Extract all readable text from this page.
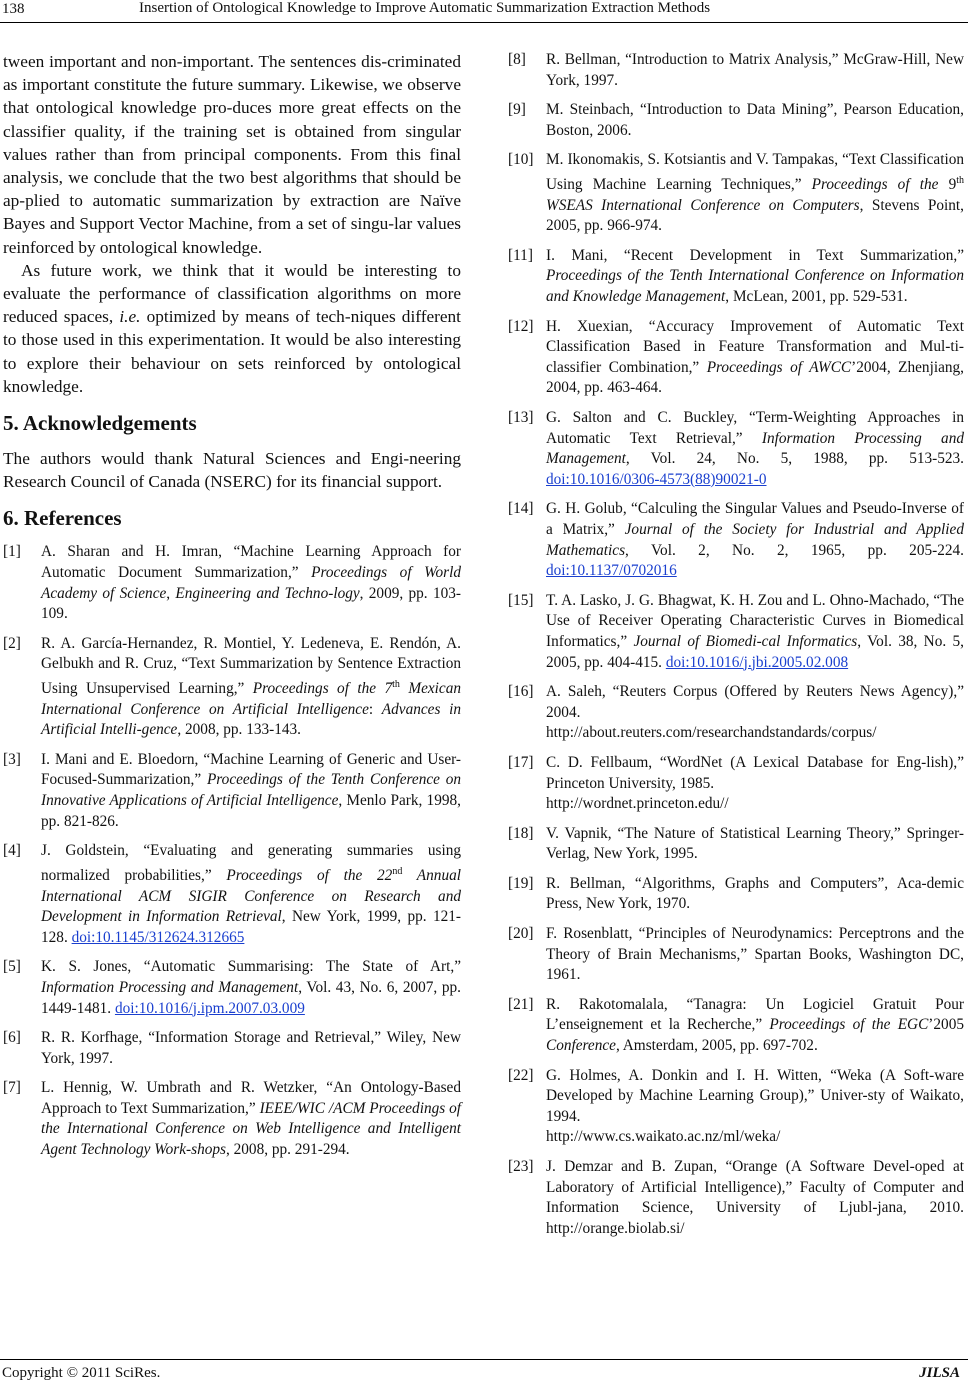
138	Insertion of Ontological Knowledge to Improve Automatic Summarization Extraction Methods

tween important and non-important. The sentences dis-criminated as important constitute the future summary. Likewise, we observe that ontological knowledge pro-duces more great effects on the classifier quality, if the training set is obtained from singular values rather than from principal components. From this final analysis, we conclude that the two best algorithms that should be ap-plied to automatic summarization by extraction are Naïve Bayes and Support Vector Machine, from a set of singu-lar values reinforced by ontological knowledge.

As future work, we think that it would be interesting to evaluate the performance of classification algorithms on more reduced spaces, i.e. optimized by means of tech-niques different to those used in this experimentation. It would be also interesting to explore their behaviour on sets reinforced by ontological knowledge.

5. Acknowledgements

The authors would thank Natural Sciences and Engi-neering Research Council of Canada (NSERC) for its financial support.

6. References
[1]	A. Sharan and H. Imran, “Machine Learning Approach for Automatic Document Summarization,” Proceedings of World Academy of Science, Engineering and Techno-logy, 2009, pp. 103-109.
[2]	R. A. García-Hernandez, R. Montiel, Y. Ledeneva, E. Rendón, A. Gelbukh and R. Cruz, “Text Summarization by Sentence Extraction Using Unsupervised Learning,” Proceedings of the 7th Mexican International Conference on Artificial Intelligence: Advances in Artificial Intelli-gence, 2008, pp. 133-143.
[3]	I. Mani and E. Bloedorn, “Machine Learning of Generic and User-Focused-Summarization,” Proceedings of the Tenth Conference on Innovative Applications of Artificial Intelligence, Menlo Park, 1998, pp. 821-826.
[4]	J. Goldstein, “Evaluating and generating summaries using normalized probabilities,” Proceedings of the 22nd Annual International ACM SIGIR Conference on Research and Development in Information Retrieval, New York, 1999, pp. 121-128. doi:10.1145/312624.312665
[5]	K. S. Jones, “Automatic Summarising: The State of Art,” Information Processing and Management, Vol. 43, No. 6, 2007, pp. 1449-1481. doi:10.1016/j.ipm.2007.03.009
[6]	R. R. Korfhage, “Information Storage and Retrieval,” Wiley, New York, 1997.
[7]	L. Hennig, W. Umbrath and R. Wetzker, “An Ontology-Based Approach to Text Summarization,” IEEE/WIC /ACM Proceedings of the International Conference on Web Intelligence and Intelligent Agent Technology Work-shops, 2008, pp. 291-294.
[8]	R. Bellman, “Introduction to Matrix Analysis,” McGraw-Hill, New York, 1997.
[9]	M. Steinbach, “Introduction to Data Mining”, Pearson Education, Boston, 2006.
[10] M. Ikonomakis, S. Kotsiantis and V. Tampakas, “Text Classification Using Machine Learning Techniques,” Proceedings of the 9th WSEAS International Conference on Computers, Stevens Point, 2005, pp. 966-974.
[11] I. Mani, “Recent Development in Text Summarization,” Proceedings of the Tenth International Conference on Information and Knowledge Management, McLean, 2001, pp. 529-531.
[12] H. Xuexian, “Accuracy Improvement of Automatic Text Classification Based in Feature Transformation and Mul-ti-classifier Combination,” Proceedings of AWCC’2004, Zhenjiang, 2004, pp. 463-464.
[13] G. Salton and C. Buckley, “Term-Weighting Approaches in Automatic Text Retrieval,” Information Processing and Management, Vol. 24, No. 5, 1988, pp. 513-523. doi:10.1016/0306-4573(88)90021-0
[14] G. H. Golub, “Calculing the Singular Values and Pseudo-Inverse of a Matrix,” Journal of the Society for Industrial and Applied Mathematics, Vol. 2, No. 2, 1965, pp. 205-224. doi:10.1137/0702016
[15] T. A. Lasko, J. G. Bhagwat, K. H. Zou and L. Ohno-Machado, “The Use of Receiver Operating Characteristic Curves in Biomedical Informatics,” Journal of Biomedi-cal Informatics, Vol. 38, No. 5, 2005, pp. 404-415. doi:10.1016/j.jbi.2005.02.008
[16] A. Saleh, “Reuters Corpus (Offered by Reuters News Agency),” 2004.
http://about.reuters.com/researchandstandards/corpus/
[17] C. D. Fellbaum, “WordNet (A Lexical Database for Eng-lish),” Princeton University, 1985.
http://wordnet.princeton.edu//
[18] V. Vapnik, “The Nature of Statistical Learning Theory,” Springer-Verlag, New York, 1995.
[19] R. Bellman, “Algorithms, Graphs and Computers”, Aca-demic Press, New York, 1970.
[20] F. Rosenblatt, “Principles of Neurodynamics: Perceptrons and the Theory of Brain Mechanisms,” Spartan Books, Washington DC, 1961.
[21] R. Rakotomalala, “Tanagra: Un Logiciel Gratuit Pour L’enseignement et la Recherche,” Proceedings of the EGC’2005 Conference, Amsterdam, 2005, pp. 697-702.
[22] G. Holmes, A. Donkin and I. H. Witten, “Weka (A Soft-ware Developed by Machine Learning Group),” Univer-sty of Waikato, 1994.
http://www.cs.waikato.ac.nz/ml/weka/
[23] J. Demzar and B. Zupan, “Orange (A Software Devel-oped at Laboratory of Artificial Intelligence),” Faculty of Computer and Information Science, University of Ljubl-jana, 2010. http://orange.biolab.si/
Copyright © 2011 SciRes.	JILSA
